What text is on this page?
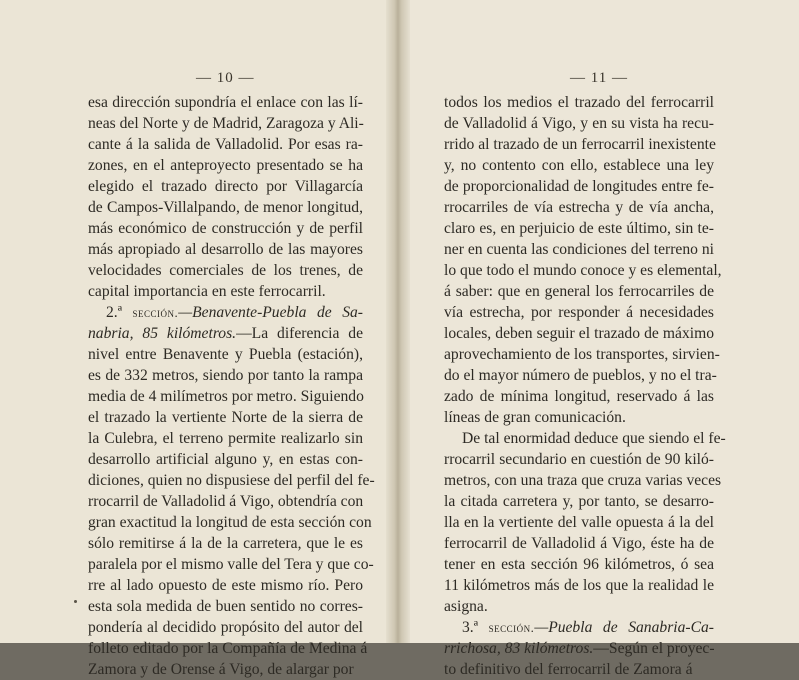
— 10 —	— 11 —
esa dirección supondría el enlace con las lí-
neas del Norte y de Madrid, Zaragoza y Ali-
cante á la salida de Valladolid. Por esas ra-
zones, en el anteproyecto presentado se ha
elegido el trazado directo por Villagarcía
de Campos-Villalpando, de menor longitud,
más económico de construcción y de perfil
más apropiado al desarrollo de las mayores
velocidades comerciales de los trenes, de
capital importancia en este ferrocarril.
2.ª sección.—Benavente-Puebla de Sa-
nabria, 85 kilómetros.—La diferencia de
nivel entre Benavente y Puebla (estación),
es de 332 metros, siendo por tanto la rampa
media de 4 milímetros por metro. Siguiendo
el trazado la vertiente Norte de la sierra de
la Culebra, el terreno permite realizarlo sin
desarrollo artificial alguno y, en estas con-
diciones, quien no dispusiese del perfil del fe-
rrocarril de Valladolid á Vigo, obtendría con
gran exactitud la longitud de esta sección con
sólo remitirse á la de la carretera, que le es
paralela por el mismo valle del Tera y que co-
rre al lado opuesto de este mismo río. Pero
esta sola medida de buen sentido no corres-
pondería al decidido propósito del autor del
folleto editado por la Compañía de Medina á
Zamora y de Orense á Vigo, de alargar por
todos los medios el trazado del ferrocarril
de Valladolid á Vigo, y en su vista ha recu-
rrido al trazado de un ferrocarril inexistente
y, no contento con ello, establece una ley
de proporcionalidad de longitudes entre fe-
rrocarriles de vía estrecha y de vía ancha,
claro es, en perjuicio de este último, sin te-
ner en cuenta las condiciones del terreno ni
lo que todo el mundo conoce y es elemental,
á saber: que en general los ferrocarriles de
vía estrecha, por responder á necesidades
locales, deben seguir el trazado de máximo
aprovechamiento de los transportes, sirvien-
do el mayor número de pueblos, y no el tra-
zado de mínima longitud, reservado á las
líneas de gran comunicación.
De tal enormidad deduce que siendo el fe-
rrocarril secundario en cuestión de 90 kiló-
metros, con una traza que cruza varias veces
la citada carretera y, por tanto, se desarro-
lla en la vertiente del valle opuesta á la del
ferrocarril de Valladolid á Vigo, éste ha de
tener en esta sección 96 kilómetros, ó sea
11 kilómetros más de los que la realidad le
asigna.
3.ª sección.—Puebla de Sanabria-Ca-
rrichosa, 83 kilómetros.—Según el proyec-
to definitivo del ferrocarril de Zamora á
